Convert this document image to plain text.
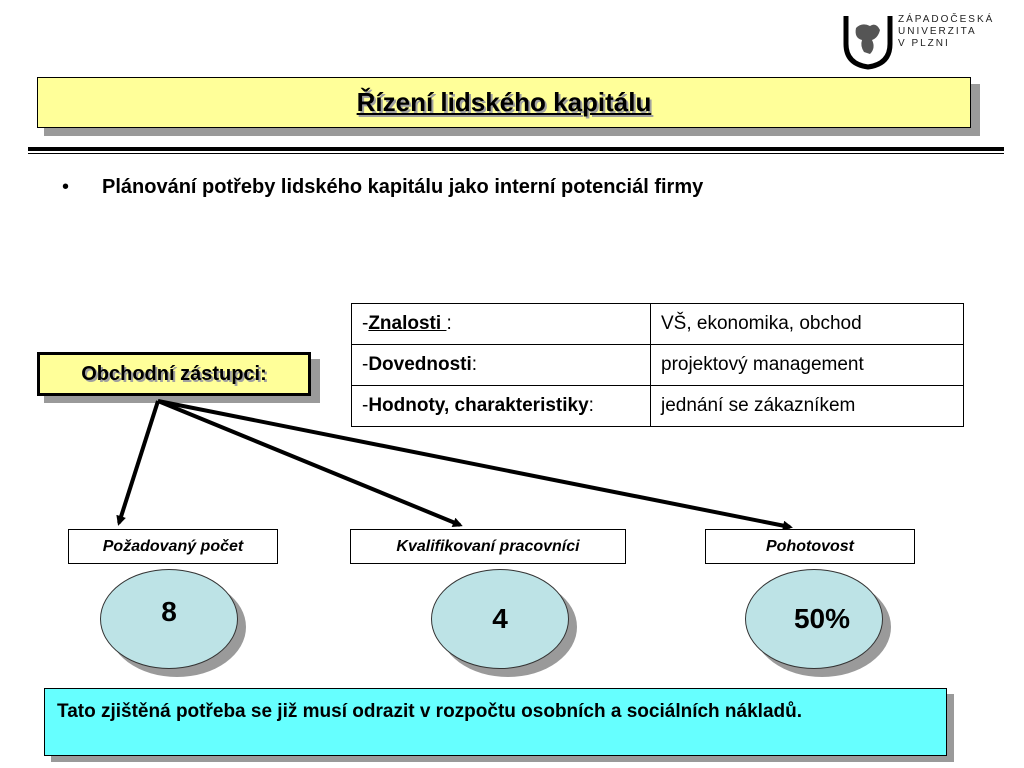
ZÁPADOČESKÁ
UNIVERZITA
V PLZNI
Řízení lidského kapitálu
•	Plánování potřeby lidského kapitálu jako interní potenciál firmy
-Znalosti :	VŠ, ekonomika, obchod
-Dovednosti:	projektový management
-Hodnoty, charakteristiky:	jednání se zákazníkem
Obchodní zástupci:
Požadovaný počet	Kvalifikovaní pracovníci	Pohotovost
8	4	50%
Tato zjištěná potřeba se již musí odrazit v rozpočtu osobních a sociálních nákladů.
